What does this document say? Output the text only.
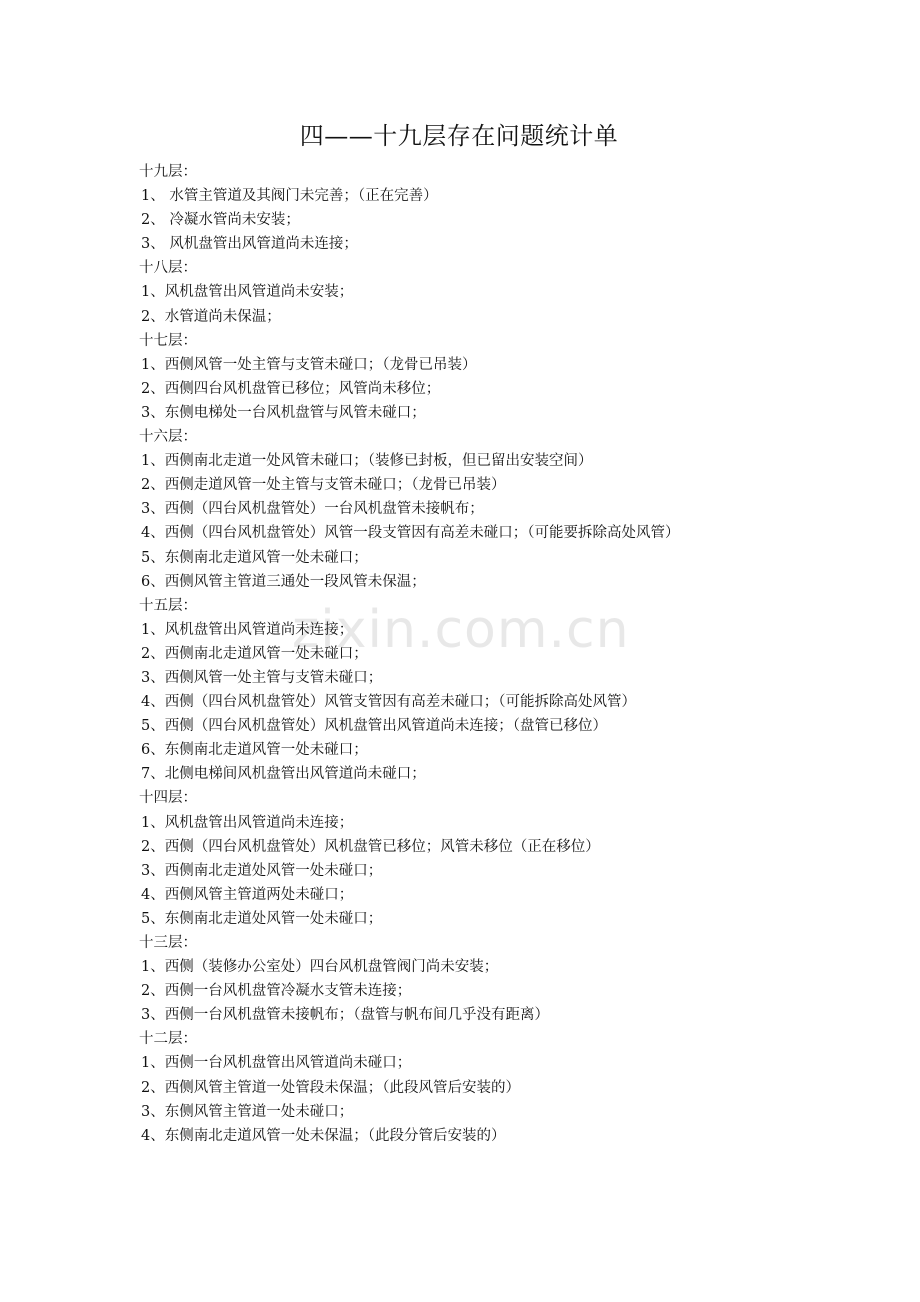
zixin.com.cn
四——十九层存在问题统计单
十九层：
1、 水管主管道及其阀门未完善；（正在完善）
2、 冷凝水管尚未安装；
3、 风机盘管出风管道尚未连接；
十八层：
1、风机盘管出风管道尚未安装；
2、水管道尚未保温；
十七层：
1、西侧风管一处主管与支管未碰口；（龙骨已吊装）
2、西侧四台风机盘管已移位；风管尚未移位；
3、东侧电梯处一台风机盘管与风管未碰口；
十六层：
1、西侧南北走道一处风管未碰口；（装修已封板，但已留出安装空间）
2、西侧走道风管一处主管与支管未碰口；（龙骨已吊装）
3、西侧（四台风机盘管处）一台风机盘管未接帆布；
4、西侧（四台风机盘管处）风管一段支管因有高差未碰口；（可能要拆除高处风管）
5、东侧南北走道风管一处未碰口；
6、西侧风管主管道三通处一段风管未保温；
十五层：
1、风机盘管出风管道尚未连接；
2、西侧南北走道风管一处未碰口；
3、西侧风管一处主管与支管未碰口；
4、西侧（四台风机盘管处）风管支管因有高差未碰口；（可能拆除高处风管）
5、西侧（四台风机盘管处）风机盘管出风管道尚未连接；（盘管已移位）
6、东侧南北走道风管一处未碰口；
7、北侧电梯间风机盘管出风管道尚未碰口；
十四层：
1、风机盘管出风管道尚未连接；
2、西侧（四台风机盘管处）风机盘管已移位；风管未移位（正在移位）
3、西侧南北走道处风管一处未碰口；
4、西侧风管主管道两处未碰口；
5、东侧南北走道处风管一处未碰口；
十三层：
1、西侧（装修办公室处）四台风机盘管阀门尚未安装；
2、西侧一台风机盘管冷凝水支管未连接；
3、西侧一台风机盘管未接帆布；（盘管与帆布间几乎没有距离）
十二层：
1、西侧一台风机盘管出风管道尚未碰口；
2、西侧风管主管道一处管段未保温；（此段风管后安装的）
3、东侧风管主管道一处未碰口；
4、东侧南北走道风管一处未保温；（此段分管后安装的）
